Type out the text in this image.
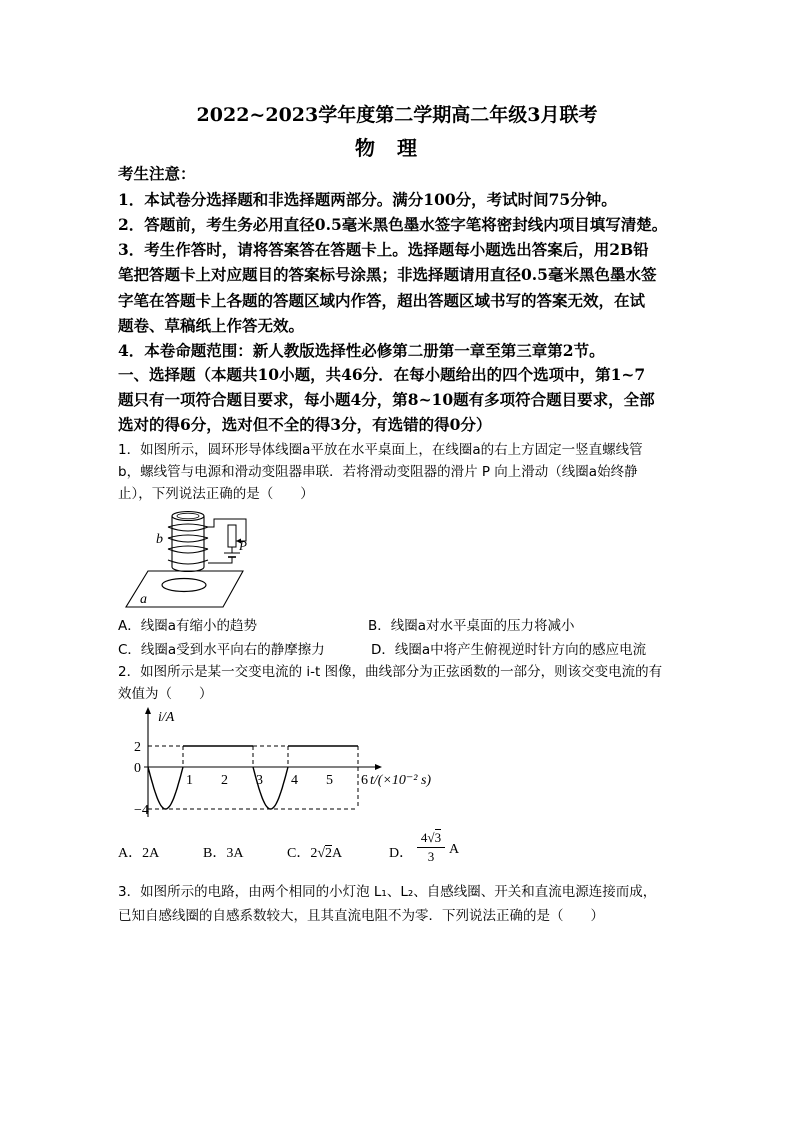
2022~2023学年度第二学期高二年级3月联考
物理
考生注意：
1．本试卷分选择题和非选择题两部分。满分100分，考试时间75分钟。
2．答题前，考生务必用直径0.5毫米黑色墨水签字笔将密封线内项目填写清楚。
3．考生作答时，请将答案答在答题卡上。选择题每小题选出答案后，用2B铅
笔把答题卡上对应题目的答案标号涂黑；非选择题请用直径0.5毫米黑色墨水签
字笔在答题卡上各题的答题区域内作答，超出答题区域书写的答案无效，在试
题卷、草稿纸上作答无效。
4．本卷命题范围：新人教版选择性必修第二册第一章至第三章第2节。
一、选择题（本题共10小题，共46分．在每小题给出的四个选项中，第1~7
题只有一项符合题目要求，每小题4分，第8~10题有多项符合题目要求，全部
选对的得6分，选对但不全的得3分，有选错的得0分）
1．如图所示，圆环形导体线圈a平放在水平桌面上，在线圈a的右上方固定一竖直螺线管
b，螺线管与电源和滑动变阻器串联．若将滑动变阻器的滑片 P 向上滑动（线圈a始终静
止），下列说法正确的是（　　）
b	P
a
A．线圈a有缩小的趋势	B．线圈a对水平桌面的压力将减小
C．线圈a受到水平向右的静摩擦力	D．线圈a中将产生俯视逆时针方向的感应电流
2．如图所示是某一交变电流的 i-t 图像，曲线部分为正弦函数的一部分，则该交变电流的有
效值为（　　）
1 2 3 4 5 6
2
0
−4
i/A
t/(×10⁻² s)
A．2A	B．3A	C．2√2A	D． $\frac{4√3}{3}$ A
3．如图所示的电路，由两个相同的小灯泡 L₁、L₂、自感线圈、开关和直流电源连接而成，
已知自感线圈的自感系数较大，且其直流电阻不为零．下列说法正确的是（　　）
